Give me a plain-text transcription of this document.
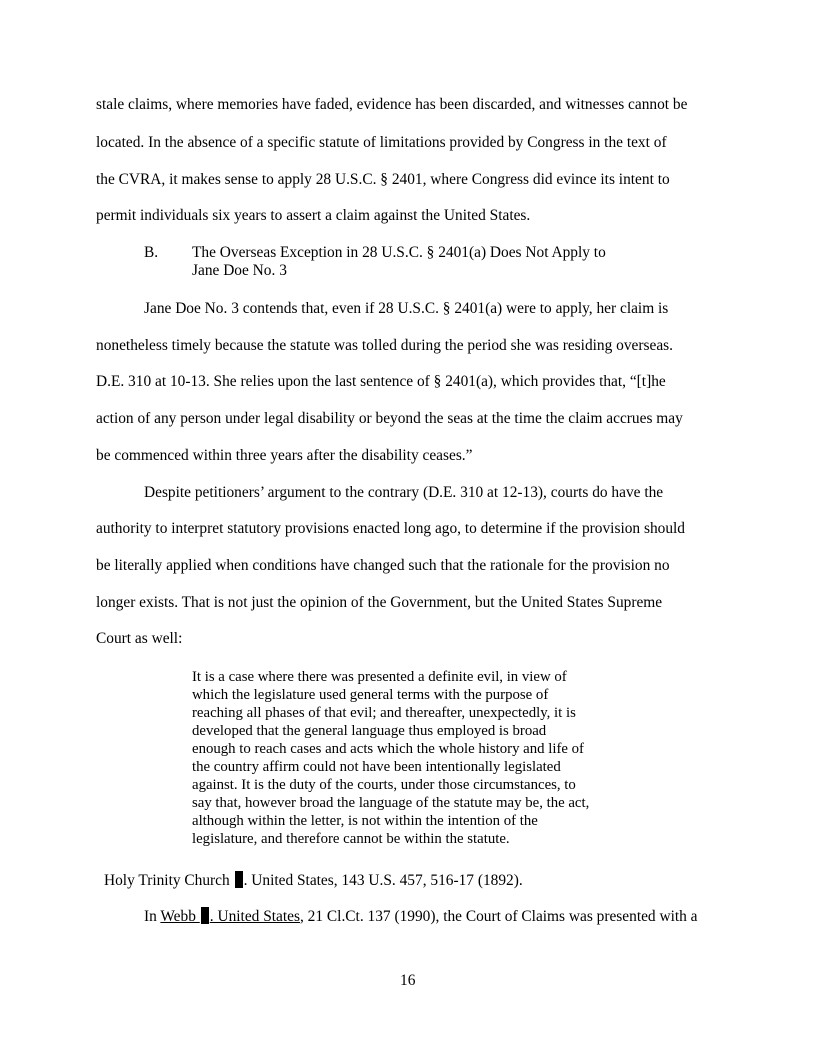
stale claims, where memories have faded, evidence has been discarded, and witnesses cannot be
located. In the absence of a specific statute of limitations provided by Congress in the text of
the CVRA, it makes sense to apply 28 U.S.C. § 2401, where Congress did evince its intent to
permit individuals six years to assert a claim against the United States.
B. The Overseas Exception in 28 U.S.C. § 2401(a) Does Not Apply to
Jane Doe No. 3
Jane Doe No. 3 contends that, even if 28 U.S.C. § 2401(a) were to apply, her claim is
nonetheless timely because the statute was tolled during the period she was residing overseas.
D.E. 310 at 10-13. She relies upon the last sentence of § 2401(a), which provides that, “[t]he
action of any person under legal disability or beyond the seas at the time the claim accrues may
be commenced within three years after the disability ceases.”
Despite petitioners’ argument to the contrary (D.E. 310 at 12-13), courts do have the
authority to interpret statutory provisions enacted long ago, to determine if the provision should
be literally applied when conditions have changed such that the rationale for the provision no
longer exists. That is not just the opinion of the Government, but the United States Supreme
Court as well:
It is a case where there was presented a definite evil, in view of
which the legislature used general terms with the purpose of
reaching all phases of that evil; and thereafter, unexpectedly, it is
developed that the general language thus employed is broad
enough to reach cases and acts which the whole history and life of
the country affirm could not have been intentionally legislated
against. It is the duty of the courts, under those circumstances, to
say that, however broad the language of the statute may be, the act,
although within the letter, is not within the intention of the
legislature, and therefore cannot be within the statute.
Holy Trinity Church . United States, 143 U.S. 457, 516-17 (1892).
In Webb . United States, 21 Cl.Ct. 137 (1990), the Court of Claims was presented with a
16
